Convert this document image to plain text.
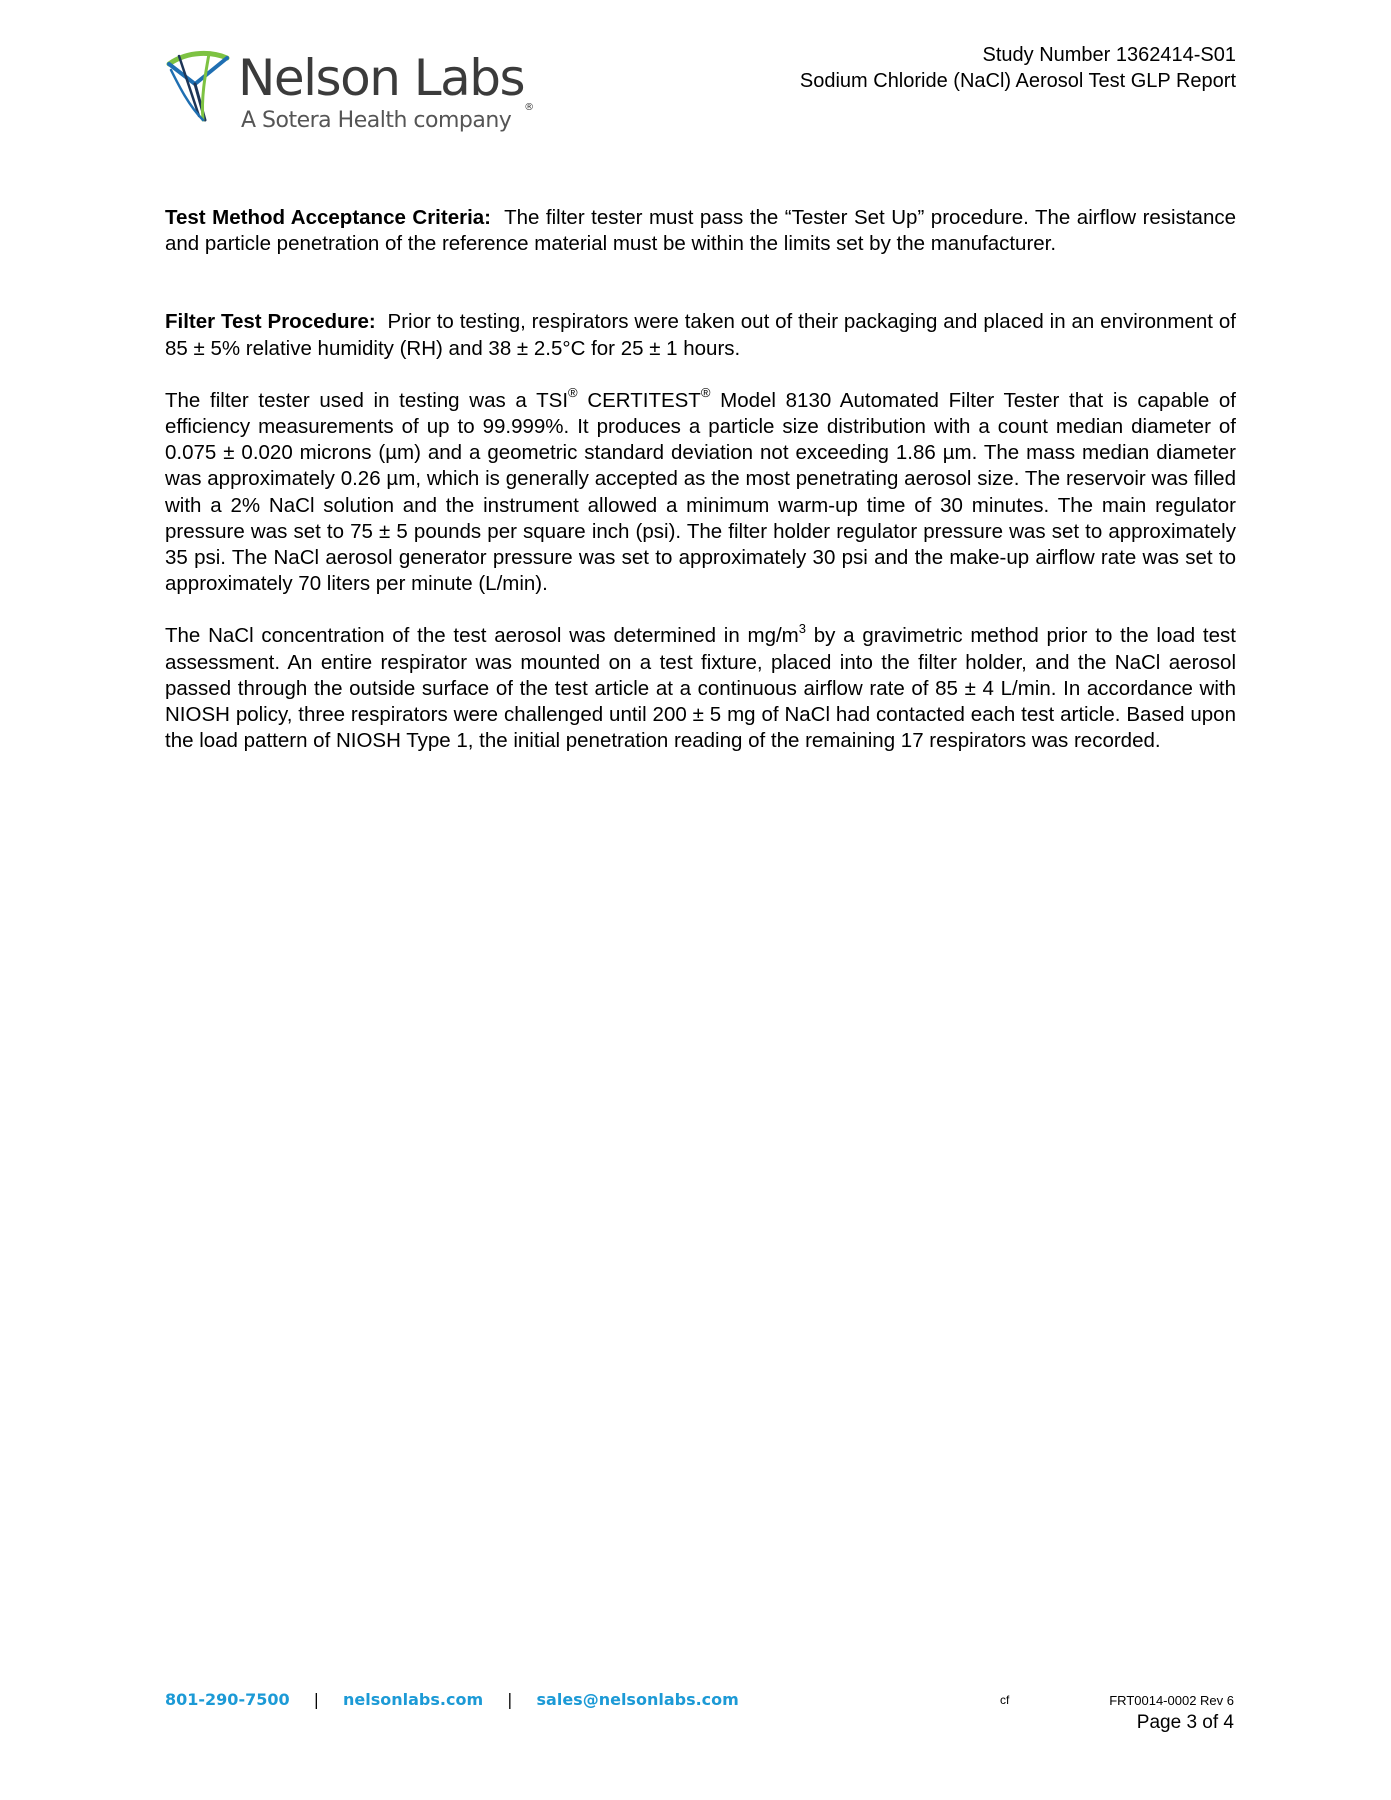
Nelson Labs®
A Sotera Health company
Study Number 1362414-S01
Sodium Chloride (NaCl) Aerosol Test GLP Report

Test Method Acceptance Criteria: The filter tester must pass the “Tester Set Up” procedure. The airflow resistance and particle penetration of the reference material must be within the limits set by the manufacturer.

Filter Test Procedure: Prior to testing, respirators were taken out of their packaging and placed in an environment of 85 ± 5% relative humidity (RH) and 38 ± 2.5°C for 25 ± 1 hours.

The filter tester used in testing was a TSI® CERTITEST® Model 8130 Automated Filter Tester that is capable of efficiency measurements of up to 99.999%. It produces a particle size distribution with a count median diameter of 0.075 ± 0.020 microns (µm) and a geometric standard deviation not exceeding 1.86 µm. The mass median diameter was approximately 0.26 µm, which is generally accepted as the most penetrating aerosol size. The reservoir was filled with a 2% NaCl solution and the instrument allowed a minimum warm-up time of 30 minutes. The main regulator pressure was set to 75 ± 5 pounds per square inch (psi). The filter holder regulator pressure was set to approximately 35 psi. The NaCl aerosol generator pressure was set to approximately 30 psi and the make-up airflow rate was set to approximately 70 liters per minute (L/min).

The NaCl concentration of the test aerosol was determined in $mg/m^3$ by a gravimetric method prior to the load test assessment. An entire respirator was mounted on a test fixture, placed into the filter holder, and the NaCl aerosol passed through the outside surface of the test article at a continuous airflow rate of 85 ± 4 L/min. In accordance with NIOSH policy, three respirators were challenged until 200 ± 5 mg of NaCl had contacted each test article. Based upon the load pattern of NIOSH Type 1, the initial penetration reading of the remaining 17 respirators was recorded.

801-290-7500 | nelsonlabs.com | sales@nelsonlabs.com	cf	FRT0014-0002 Rev 6
Page 3 of 4
